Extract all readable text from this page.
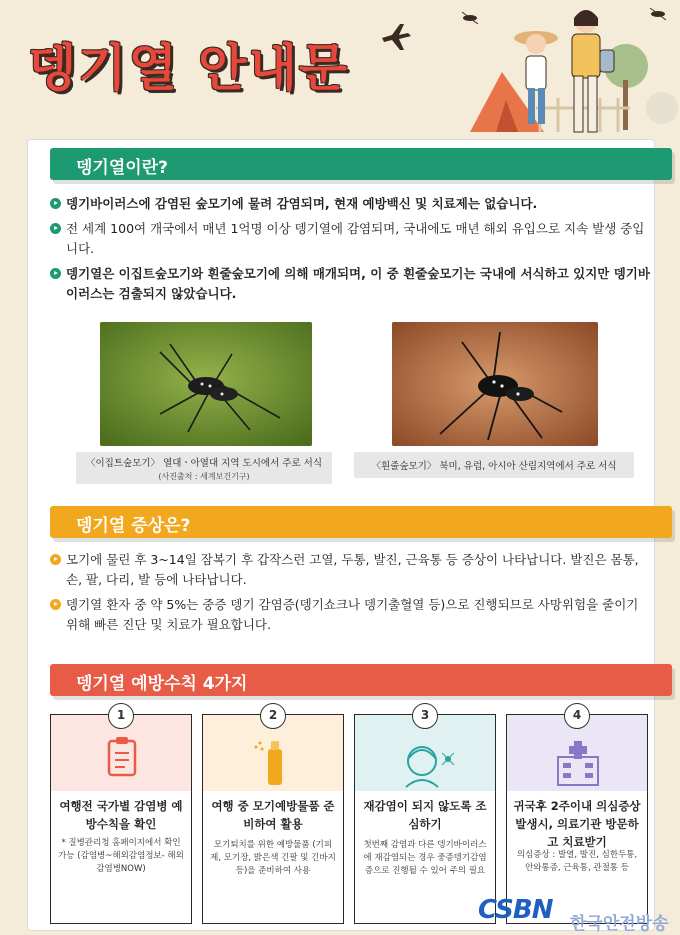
뎅기열 안내문
뎅기열이란?
뎅기바이러스에 감염된 숲모기에 물려 감염되며, 현재 예방백신 및 치료제는 없습니다.
전 세계 100여 개국에서 매년 1억명 이상 뎅기열에 감염되며, 국내에도 매년 해외 유입으로 지속 발생 중입니다.
뎅기열은 이집트숲모기와 흰줄숲모기에 의해 매개되며, 이 중 흰줄숲모기는 국내에 서식하고 있지만 뎅기바이러스는 검출되지 않았습니다.
〈이집트숲모기〉 열대ㆍ아열대 지역 도시에서 주로 서식
(사진출처 : 세계보건기구)
〈흰줄숲모기〉 북미, 유럽, 아시아 산림지역에서 주로 서식
뎅기열 증상은?
모기에 물린 후 3~14일 잠복기 후 갑작스런 고열, 두통, 발진, 근육통 등 증상이 나타납니다. 발진은 몸통, 손, 팔, 다리, 발 등에 나타납니다.
뎅기열 환자 중 약 5%는 중증 뎅기 감염증(뎅기쇼크나 뎅기출혈열 등)으로 진행되므로 사망위험을 줄이기 위해 빠른 진단 및 치료가 필요합니다.
뎅기열 예방수칙 4가지
1
여행전 국가별 감염병 예방수칙을 확인
* 질병관리청 홈페이지에서 확인 가능 (감염병~해외감염정보- 해외감염병NOW)
2
여행 중 모기예방물품 준비하여 활용
모기퇴치를 위한 예방물품 (기피제, 모기장, 밝은색 긴팔 및 긴바지 등)을 준비하여 사용
3
재감염이 되지 않도록 조심하기
첫번째 감염과 다른 뎅기바이러스에 재감염되는 경우 중증뎅기감염증으로 진행될 수 있어 주의 필요
4
귀국후 2주이내 의심증상 발생시, 의료기관 방문하고 치료받기
의심증상 : 발열, 발진, 심한두통, 안와통증, 근육통, 관절통 등
CSBN 한국안전방송
